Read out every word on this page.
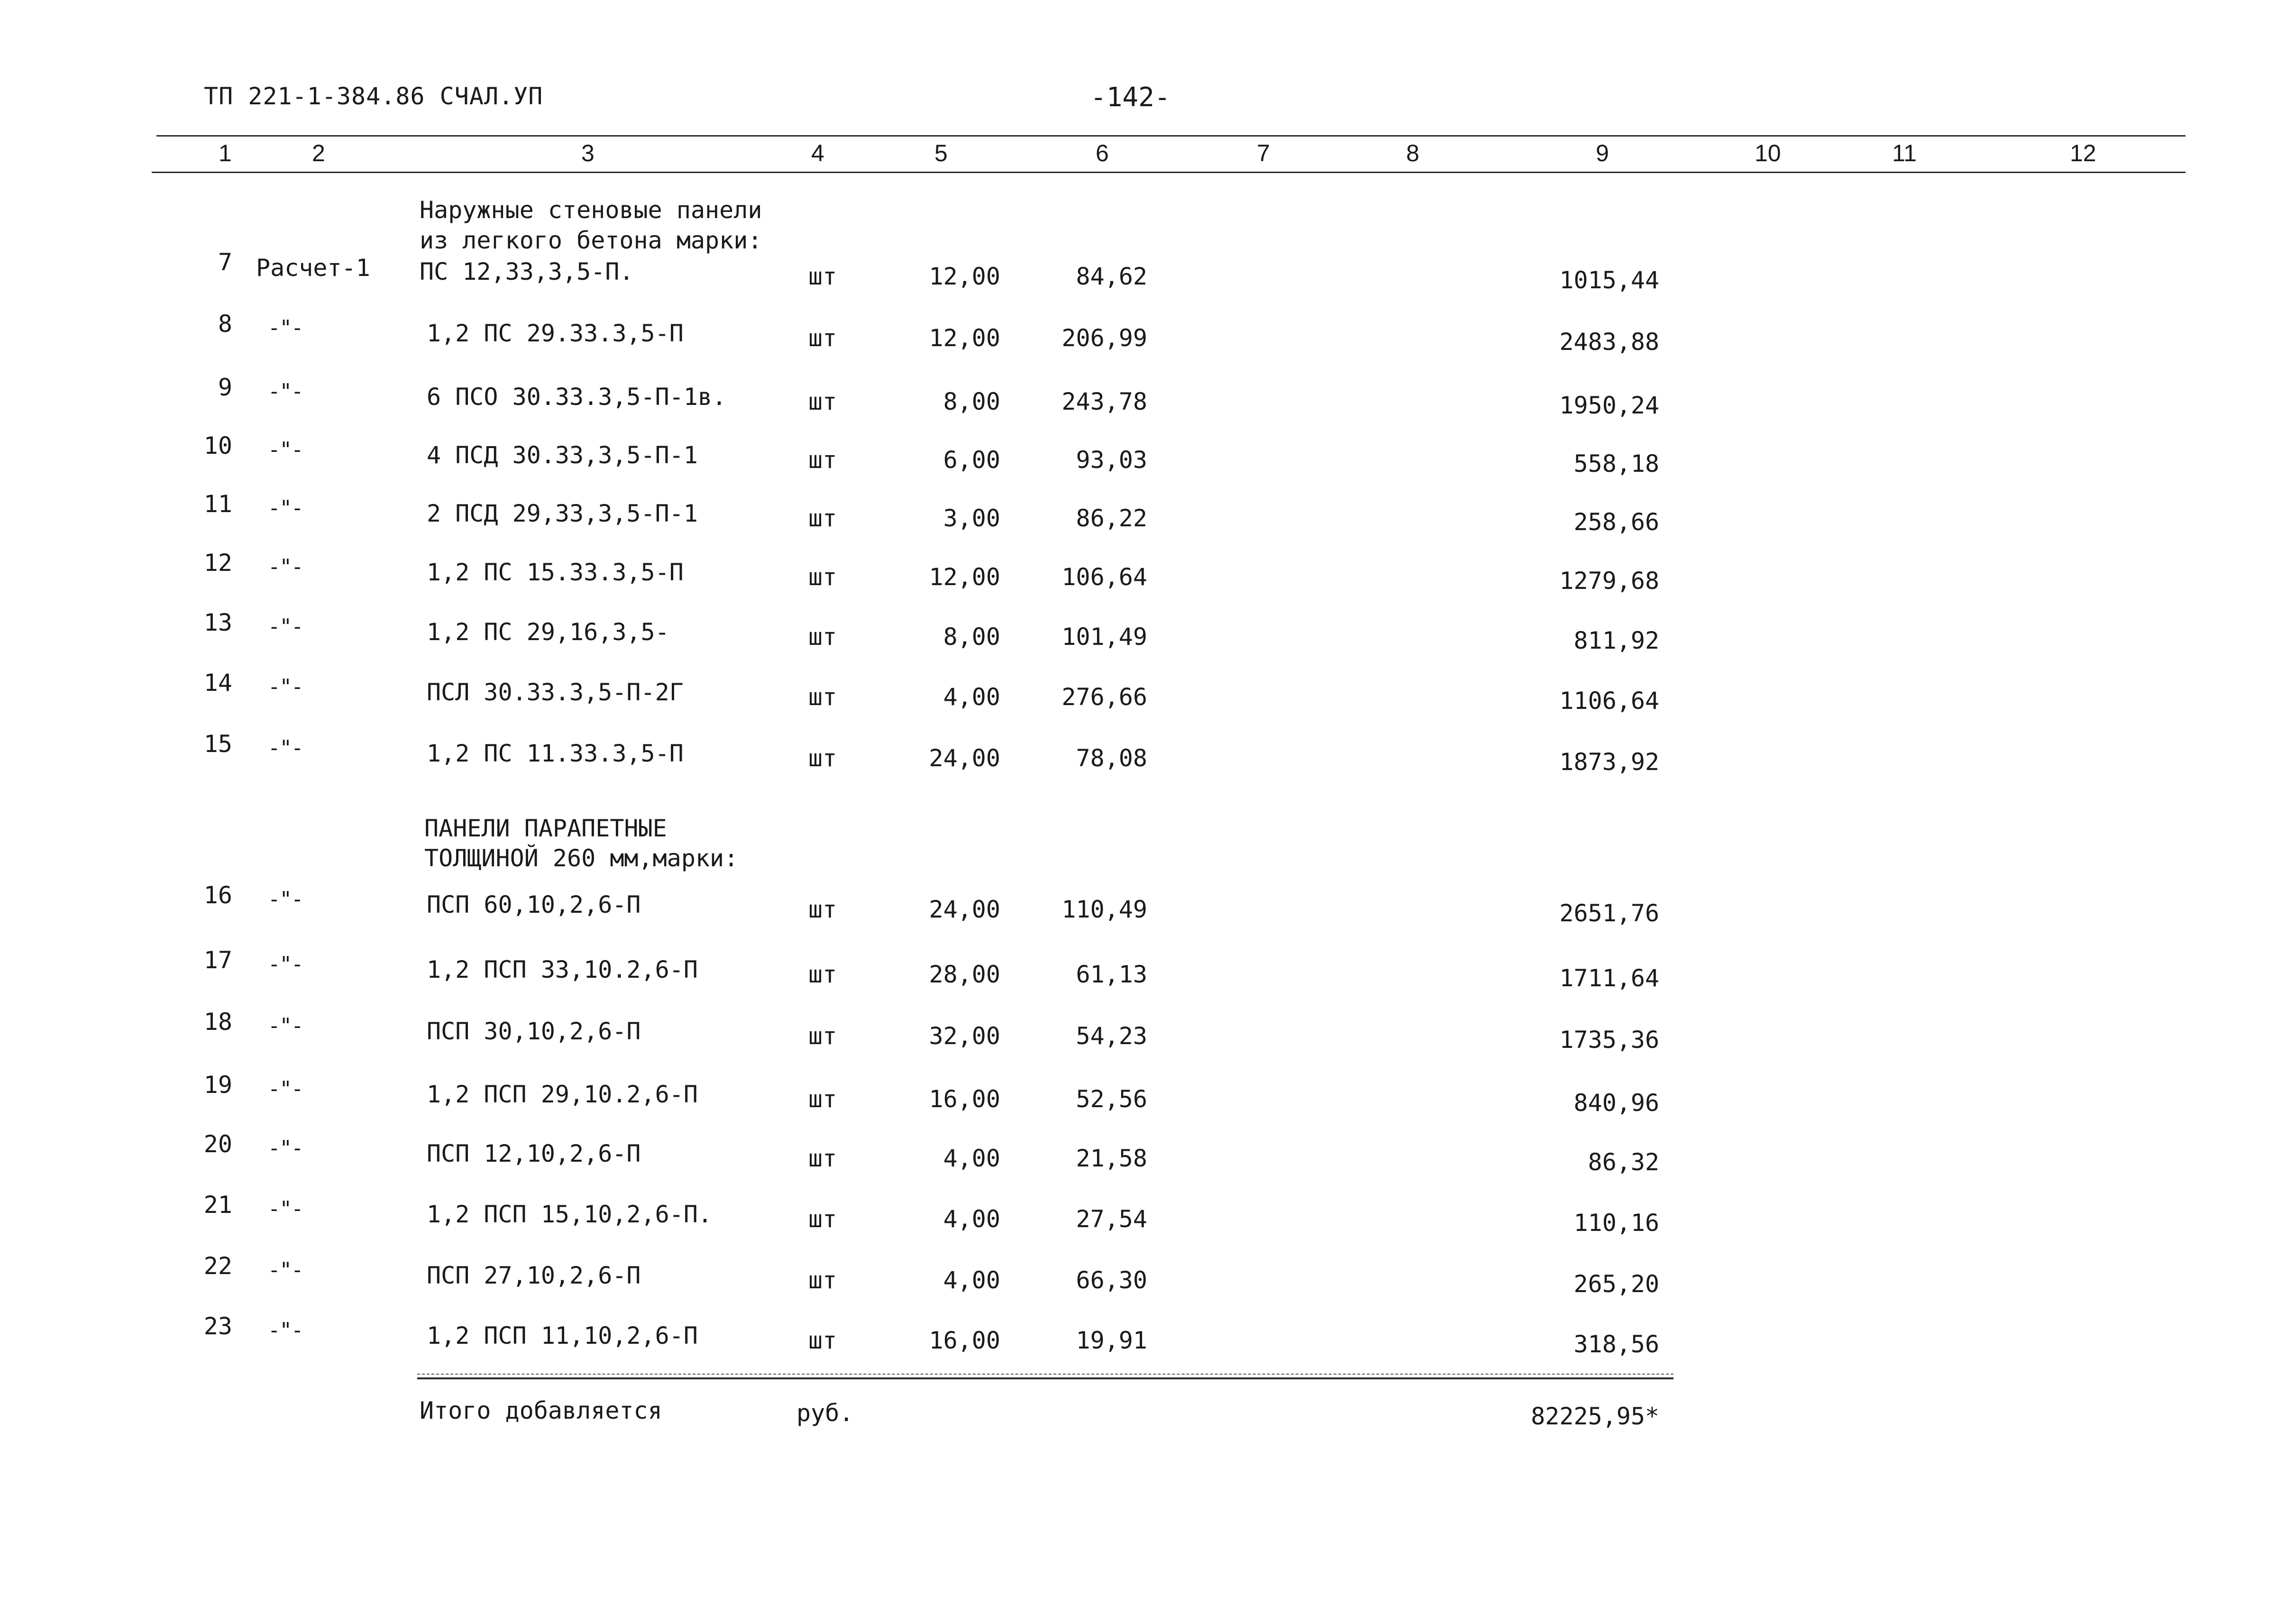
ТП 221-1-384.86 СЧАЛ.УП	-142-
1	2	3	4	5	6	7	8	9	10	11	12
Наружные стеновые панели
из легкого бетона марки:
7 Расчет-1 ПС 12,33,3,5-П.	шт	12,00	84,62	1015,44
8 -"-	1,2 ПС 29.33.3,5-П	шт	12,00	206,99	2483,88
9 -"-	6 ПСО 30.33.3,5-П-1в.	шт	8,00	243,78	1950,24
10 -"-	4 ПСД 30.33,3,5-П-1	шт	6,00	93,03	558,18
11 -"-	2 ПСД 29,33,3,5-П-1	шт	3,00	86,22	258,66
12 -"-	1,2 ПС 15.33.3,5-П	шт	12,00	106,64	1279,68
13 -"-	1,2 ПС 29,16,3,5-	шт	8,00	101,49	811,92
14 -"-	ПСЛ 30.33.3,5-П-2Г	шт	4,00	276,66	1106,64
15 -"-	1,2 ПС 11.33.3,5-П	шт	24,00	78,08	1873,92
ПАНЕЛИ ПАРАПЕТНЫЕ
ТОЛЩИНОЙ 260 мм,марки:
16 -"-	ПСП 60,10,2,6-П	шт	24,00	110,49	2651,76
17 -"-	1,2 ПСП 33,10.2,6-П	шт	28,00	61,13	1711,64
18 -"-	ПСП 30,10,2,6-П	шт	32,00	54,23	1735,36
19 -"-	1,2 ПСП 29,10.2,6-П	шт	16,00	52,56	840,96
20 -"-	ПСП 12,10,2,6-П	шт	4,00	21,58	86,32
21 -"-	1,2 ПСП 15,10,2,6-П.	шт	4,00	27,54	110,16
22 -"-	ПСП 27,10,2,6-П	шт	4,00	66,30	265,20
23 -"-	1,2 ПСП 11,10,2,6-П	шт	16,00	19,91	318,56
Итого добавляется	руб.	82225,95*
